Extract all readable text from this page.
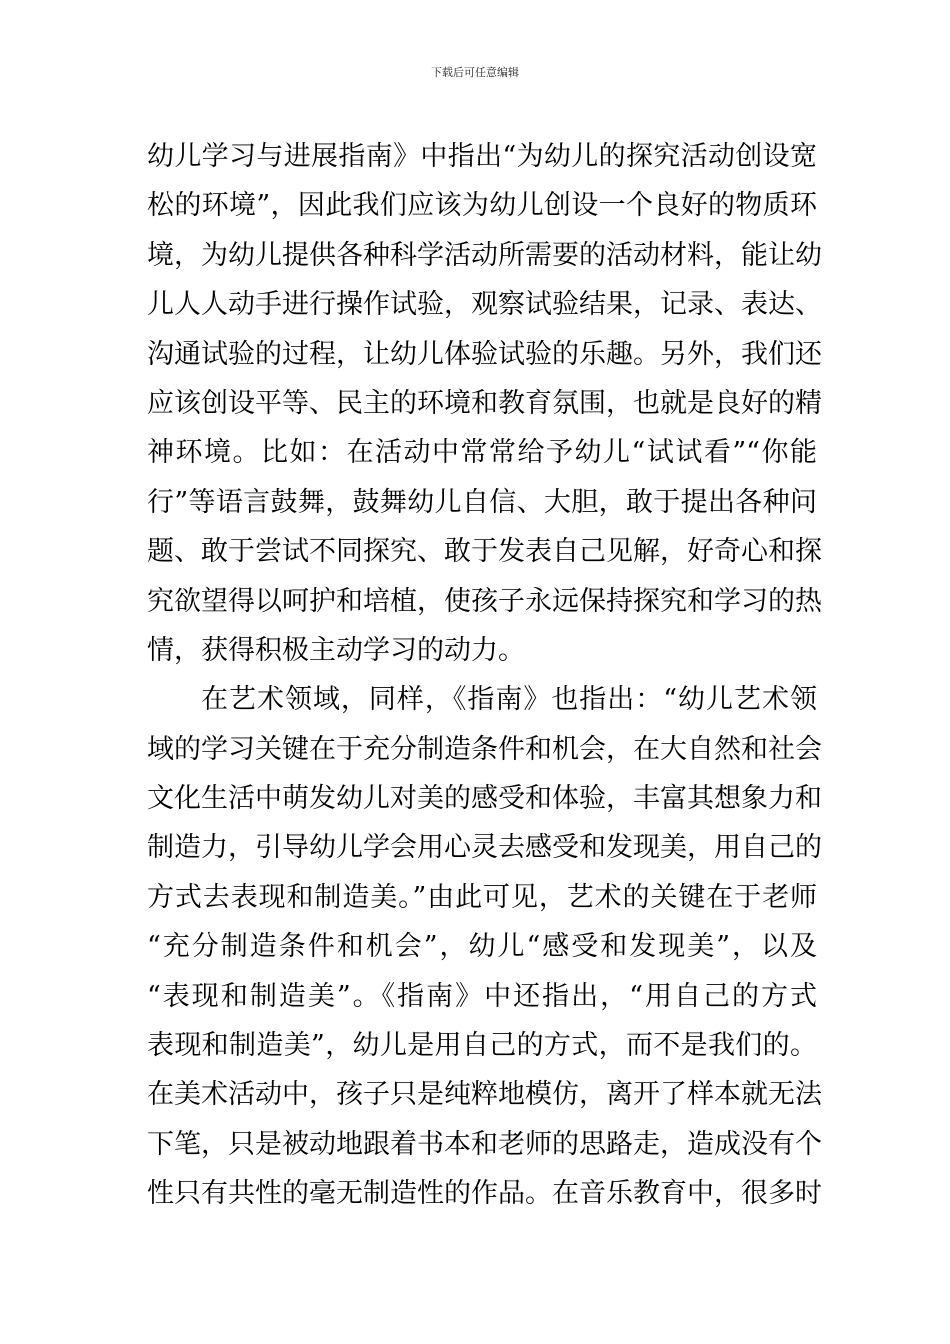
下载后可任意编辑
幼儿学习与进展指南》中指出“为幼儿的探究活动创设宽
松的环境”，因此我们应该为幼儿创设一个良好的物质环
境，为幼儿提供各种科学活动所需要的活动材料，能让幼
儿人人动手进行操作试验，观察试验结果，记录、表达、
沟通试验的过程，让幼儿体验试验的乐趣。另外，我们还
应该创设平等、民主的环境和教育氛围，也就是良好的精
神环境。比如：在活动中常常给予幼儿“试试看”“你能
行”等语言鼓舞，鼓舞幼儿自信、大胆，敢于提出各种问
题、敢于尝试不同探究、敢于发表自己见解，好奇心和探
究欲望得以呵护和培植，使孩子永远保持探究和学习的热
情，获得积极主动学习的动力。
在艺术领域，同样，《指南》也指出：“幼儿艺术领
域的学习关键在于充分制造条件和机会，在大自然和社会
文化生活中萌发幼儿对美的感受和体验，丰富其想象力和
制造力，引导幼儿学会用心灵去感受和发现美，用自己的
方式去表现和制造美。”由此可见，艺术的关键在于老师
“充分制造条件和机会”，幼儿“感受和发现美”，以及
“表现和制造美”。《指南》中还指出，“用自己的方式
表现和制造美”，幼儿是用自己的方式，而不是我们的。
在美术活动中，孩子只是纯粹地模仿，离开了样本就无法
下笔，只是被动地跟着书本和老师的思路走，造成没有个
性只有共性的毫无制造性的作品。在音乐教育中，很多时
